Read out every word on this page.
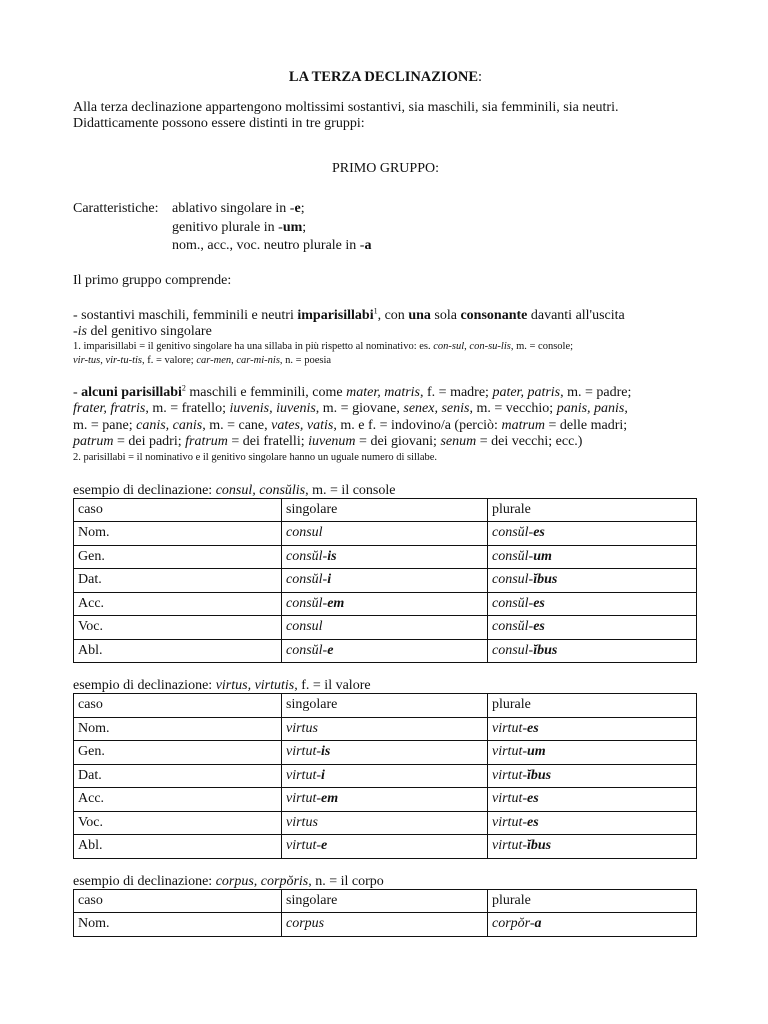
LA TERZA DECLINAZIONE:

Alla terza declinazione appartengono moltissimi sostantivi, sia maschili, sia femminili, sia neutri.

Didatticamente possono essere distinti in tre gruppi:

PRIMO GRUPPO:

Caratteristiche: ablativo singolare in -e;
genitivo plurale in -um;
nom., acc., voc. neutro plurale in -a

Il primo gruppo comprende:

- sostantivi maschili, femminili e neutri imparisillabi$^1$, con una sola consonante davanti all'uscita
-is del genitivo singolare
1. imparisillabi = il genitivo singolare ha una sillaba in più rispetto al nominativo: es. con-sul, con-su-lis, m. = console;
vir-tus, vir-tu-tis, f. = valore; car-men, car-mi-nis, n. = poesia
- alcuni parisillabi$^2$ maschili e femminili, come mater, matris, f. = madre; pater, patris, m. = padre;
frater, fratris, m. = fratello; iuvenis, iuvenis, m. = giovane, senex, senis, m. = vecchio; panis, panis,
m. = pane; canis, canis, m. = cane, vates, vatis, m. e f. = indovino/a (perciò: matrum = delle madri;
patrum = dei padri; fratrum = dei fratelli; iuvenum = dei giovani; senum = dei vecchi; ecc.)
2. parisillabi = il nominativo e il genitivo singolare hanno un uguale numero di sillabe.
esempio di declinazione: consul, consŭlis, m. = il console
caso	singolare	plurale
Nom.	consul	consŭl-es
Gen.	consŭl-is	consŭl-um
Dat.	consŭl-i	consul-ĭbus
Acc.	consŭl-em	consŭl-es
Voc.	consul	consŭl-es
Abl.	consŭl-e	consul-ĭbus
esempio di declinazione: virtus, virtutis, f. = il valore
caso	singolare	plurale
Nom.	virtus	virtut-es
Gen.	virtut-is	virtut-um
Dat.	virtut-i	virtut-ĭbus
Acc.	virtut-em	virtut-es
Voc.	virtus	virtut-es
Abl.	virtut-e	virtut-ĭbus
esempio di declinazione: corpus, corpŏris, n. = il corpo
caso	singolare	plurale
Nom.	corpus	corpŏr-a
